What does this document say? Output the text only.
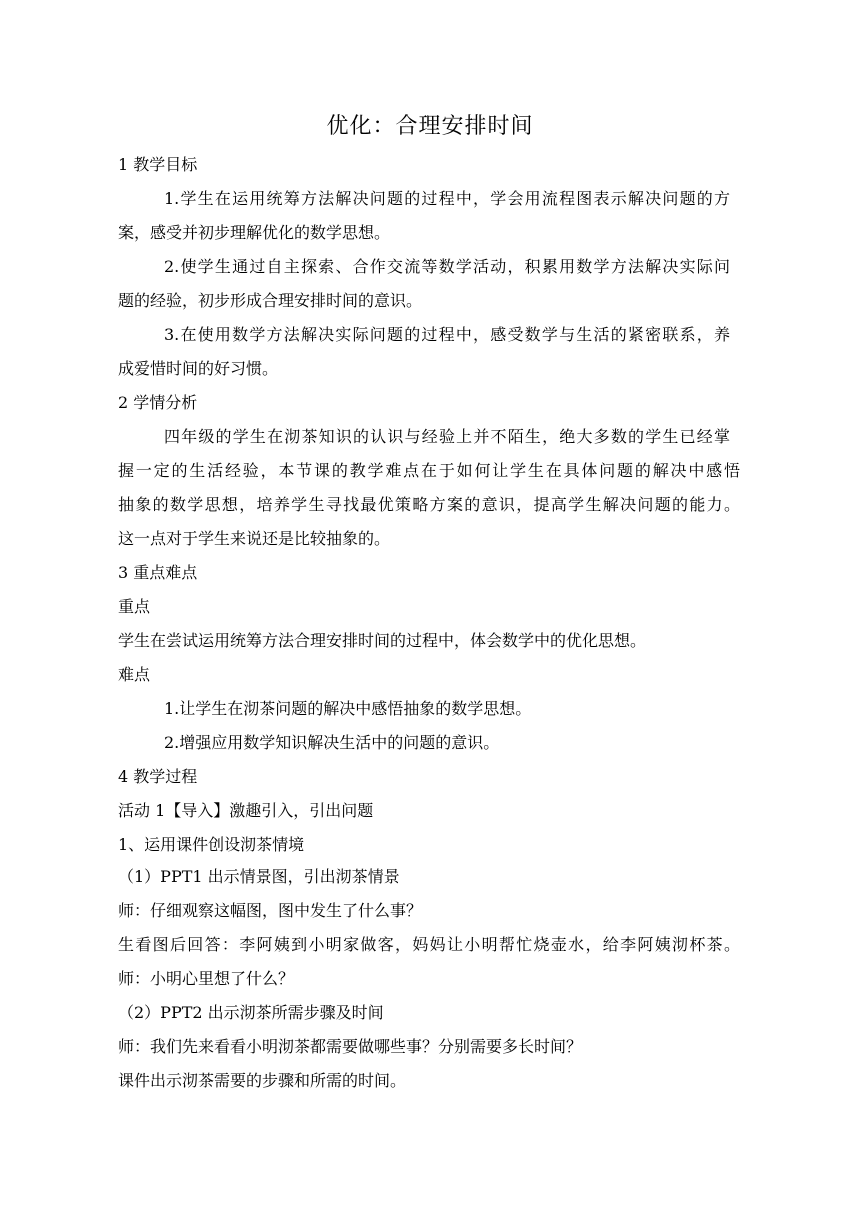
优化：合理安排时间
1 教学目标
1.学生在运用统筹方法解决问题的过程中，学会用流程图表示解决问题的方
案，感受并初步理解优化的数学思想。
2.使学生通过自主探索、合作交流等数学活动，积累用数学方法解决实际问
题的经验，初步形成合理安排时间的意识。
3.在使用数学方法解决实际问题的过程中，感受数学与生活的紧密联系，养
成爱惜时间的好习惯。
2 学情分析
四年级的学生在沏茶知识的认识与经验上并不陌生，绝大多数的学生已经掌
握一定的生活经验，本节课的教学难点在于如何让学生在具体问题的解决中感悟
抽象的数学思想，培养学生寻找最优策略方案的意识，提高学生解决问题的能力。
这一点对于学生来说还是比较抽象的。
3 重点难点
重点
学生在尝试运用统筹方法合理安排时间的过程中，体会数学中的优化思想。
难点
1.让学生在沏茶问题的解决中感悟抽象的数学思想。
2.增强应用数学知识解决生活中的问题的意识。
4 教学过程
活动 1【导入】激趣引入，引出问题
1、运用课件创设沏茶情境
（1）PPT1 出示情景图，引出沏茶情景
师：仔细观察这幅图，图中发生了什么事？
生看图后回答：李阿姨到小明家做客，妈妈让小明帮忙烧壶水，给李阿姨沏杯茶。
师：小明心里想了什么？
（2）PPT2 出示沏茶所需步骤及时间
师：我们先来看看小明沏茶都需要做哪些事？分别需要多长时间？
课件出示沏茶需要的步骤和所需的时间。
